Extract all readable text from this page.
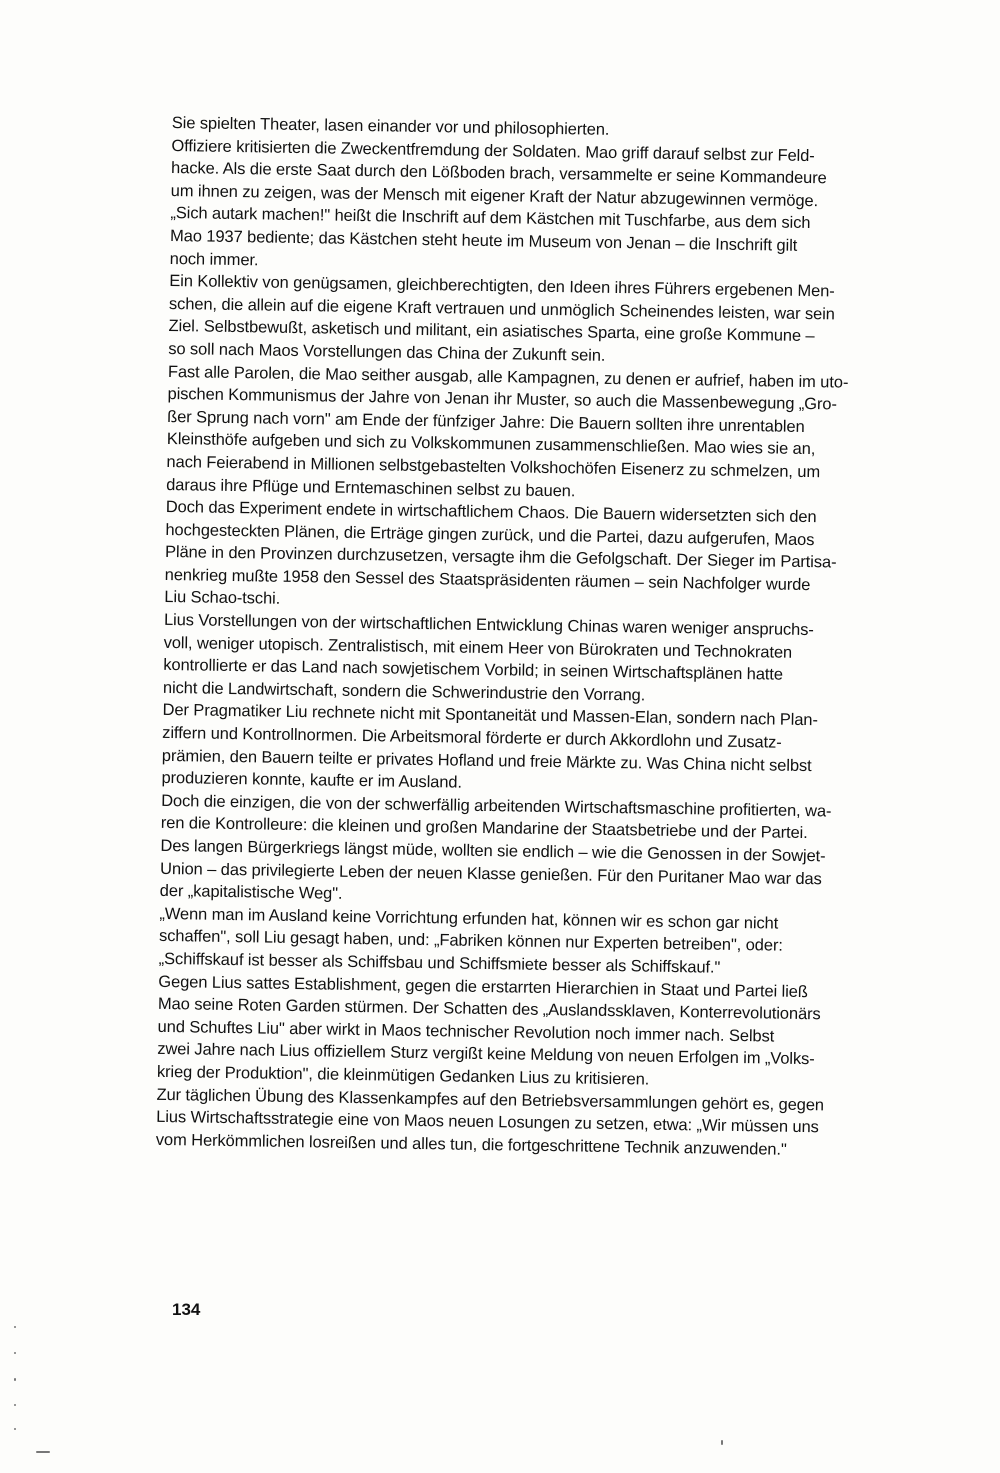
Sie spielten Theater, lasen einander vor und philosophierten.
Offiziere kritisierten die Zweckentfremdung der Soldaten. Mao griff darauf selbst zur Feld-
hacke. Als die erste Saat durch den Lößboden brach, versammelte er seine Kommandeure
um ihnen zu zeigen, was der Mensch mit eigener Kraft der Natur abzugewinnen vermöge.
„Sich autark machen!" heißt die Inschrift auf dem Kästchen mit Tuschfarbe, aus dem sich
Mao 1937 bediente; das Kästchen steht heute im Museum von Jenan – die Inschrift gilt
noch immer.
Ein Kollektiv von genügsamen, gleichberechtigten, den Ideen ihres Führers ergebenen Men-
schen, die allein auf die eigene Kraft vertrauen und unmöglich Scheinendes leisten, war sein
Ziel. Selbstbewußt, asketisch und militant, ein asiatisches Sparta, eine große Kommune –
so soll nach Maos Vorstellungen das China der Zukunft sein.
Fast alle Parolen, die Mao seither ausgab, alle Kampagnen, zu denen er aufrief, haben im uto-
pischen Kommunismus der Jahre von Jenan ihr Muster, so auch die Massenbewegung „Gro-
ßer Sprung nach vorn" am Ende der fünfziger Jahre: Die Bauern sollten ihre unrentablen
Kleinsthöfe aufgeben und sich zu Volkskommunen zusammenschließen. Mao wies sie an,
nach Feierabend in Millionen selbstgebastelten Volkshochöfen Eisenerz zu schmelzen, um
daraus ihre Pflüge und Erntemaschinen selbst zu bauen.
Doch das Experiment endete in wirtschaftlichem Chaos. Die Bauern widersetzten sich den
hochgesteckten Plänen, die Erträge gingen zurück, und die Partei, dazu aufgerufen, Maos
Pläne in den Provinzen durchzusetzen, versagte ihm die Gefolgschaft. Der Sieger im Partisa-
nenkrieg mußte 1958 den Sessel des Staatspräsidenten räumen – sein Nachfolger wurde
Liu Schao-tschi.
Lius Vorstellungen von der wirtschaftlichen Entwicklung Chinas waren weniger anspruchs-
voll, weniger utopisch. Zentralistisch, mit einem Heer von Bürokraten und Technokraten
kontrollierte er das Land nach sowjetischem Vorbild; in seinen Wirtschaftsplänen hatte
nicht die Landwirtschaft, sondern die Schwerindustrie den Vorrang.
Der Pragmatiker Liu rechnete nicht mit Spontaneität und Massen-Elan, sondern nach Plan-
ziffern und Kontrollnormen. Die Arbeitsmoral förderte er durch Akkordlohn und Zusatz-
prämien, den Bauern teilte er privates Hofland und freie Märkte zu. Was China nicht selbst
produzieren konnte, kaufte er im Ausland.
Doch die einzigen, die von der schwerfällig arbeitenden Wirtschaftsmaschine profitierten, wa-
ren die Kontrolleure: die kleinen und großen Mandarine der Staatsbetriebe und der Partei.
Des langen Bürgerkriegs längst müde, wollten sie endlich – wie die Genossen in der Sowjet-
Union – das privilegierte Leben der neuen Klasse genießen. Für den Puritaner Mao war das
der „kapitalistische Weg".
„Wenn man im Ausland keine Vorrichtung erfunden hat, können wir es schon gar nicht
schaffen", soll Liu gesagt haben, und: „Fabriken können nur Experten betreiben", oder:
„Schiffskauf ist besser als Schiffsbau und Schiffsmiete besser als Schiffskauf."
Gegen Lius sattes Establishment, gegen die erstarrten Hierarchien in Staat und Partei ließ
Mao seine Roten Garden stürmen. Der Schatten des „Auslandssklaven, Konterrevolutionärs
und Schuftes Liu" aber wirkt in Maos technischer Revolution noch immer nach. Selbst
zwei Jahre nach Lius offiziellem Sturz vergißt keine Meldung von neuen Erfolgen im „Volks-
krieg der Produktion", die kleinmütigen Gedanken Lius zu kritisieren.
Zur täglichen Übung des Klassenkampfes auf den Betriebsversammlungen gehört es, gegen
Lius Wirtschaftsstrategie eine von Maos neuen Losungen zu setzen, etwa: „Wir müssen uns
vom Herkömmlichen losreißen und alles tun, die fortgeschrittene Technik anzuwenden."
134
